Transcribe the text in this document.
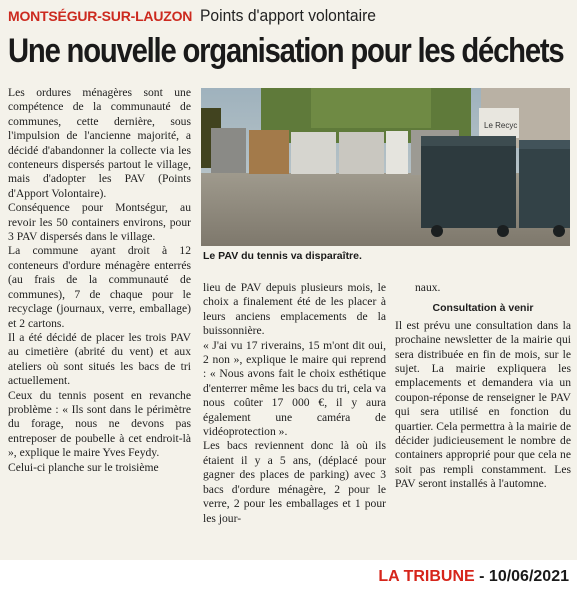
MONTSÉGUR-SUR-LAUZON Points d'apport volontaire
Une nouvelle organisation pour les déchets

Les ordures ménagères sont une compétence de la communauté de communes, cette dernière, sous l'impulsion de l'ancienne majorité, a décidé d'abandonner la collecte via les conteneurs dispersés partout le village, mais d'adopter les PAV (Points d'Apport Volontaire).

Conséquence pour Montségur, au revoir les 50 containers environs, pour 3 PAV dispersés dans le village.

La commune ayant droit à 12 conteneurs d'ordure ménagère enterrés (au frais de la communauté de communes), 7 de chaque pour le recyclage (journaux, verre, emballage) et 2 cartons.

Il a été décidé de placer les trois PAV au cimetière (abrité du vent) et aux ateliers où sont situés les bacs de tri actuellement.

Ceux du tennis posent en revanche problème : « Ils sont dans le périmètre du forage, nous ne devons pas entreposer de poubelle à cet endroit-là », explique le maire Yves Feydy.

Celui-ci planche sur le troisième

Le Recyc
Le PAV du tennis va disparaître.

lieu de PAV depuis plusieurs mois, le choix a finalement été de les placer à leurs anciens emplacements de la buissonnière.

« J'ai vu 17 riverains, 15 m'ont dit oui, 2 non », explique le maire qui reprend : « Nous avons fait le choix esthétique d'enterrer même les bacs du tri, cela va nous coûter 17 000 €, il y aura également une caméra de vidéoprotection ».

Les bacs reviennent donc là où ils étaient il y a 5 ans, (déplacé pour gagner des places de parking) avec 3 bacs d'ordure ménagère, 2 pour le verre, 2 pour les emballages et 1 pour les jour-

naux.

Consultation à venir

Il est prévu une consultation dans la prochaine newsletter de la mairie qui sera distribuée en fin de mois, sur le sujet. La mairie expliquera les emplacements et demandera via un coupon-réponse de renseigner le PAV qui sera utilisé en fonction du quartier. Cela permettra à la mairie de décider judicieusement le nombre de containers approprié pour que cela ne soit pas rempli constamment. Les PAV seront installés à l'automne.

LA TRIBUNE - 10/06/2021
